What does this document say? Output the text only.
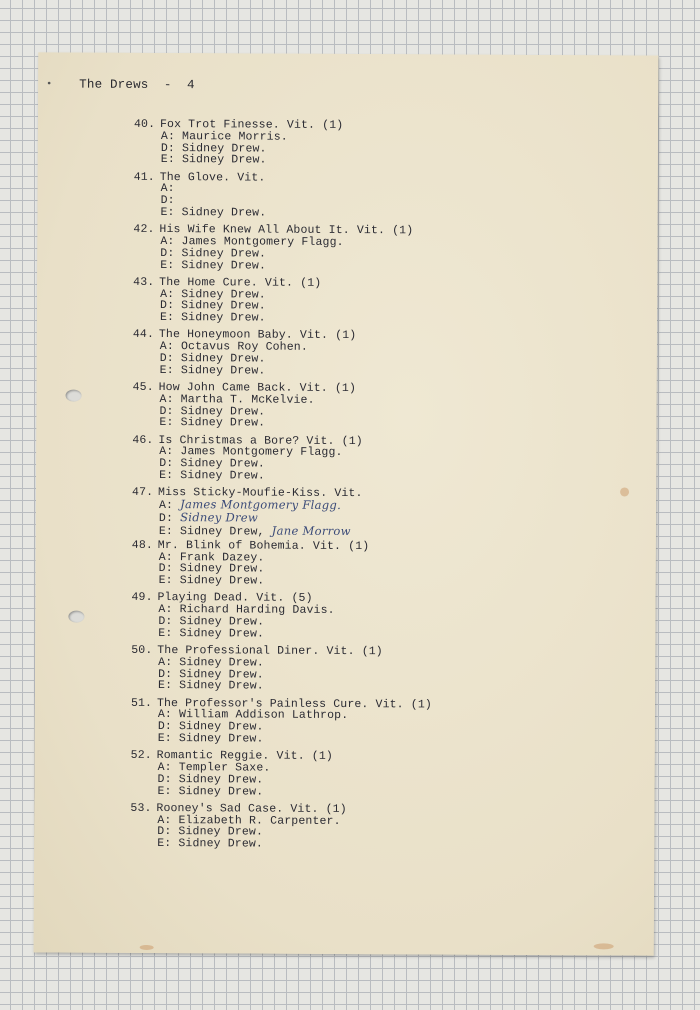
• The Drews  -  4
40. Fox Trot Finesse. Vit. (1)
A: Maurice Morris.
D: Sidney Drew.
E: Sidney Drew.
41. The Glove. Vit.
A:
D:
E: Sidney Drew.
42. His Wife Knew All About It. Vit. (1)
A: James Montgomery Flagg.
D: Sidney Drew.
E: Sidney Drew.
43. The Home Cure. Vit. (1)
A: Sidney Drew.
D: Sidney Drew.
E: Sidney Drew.
44. The Honeymoon Baby. Vit. (1)
A: Octavus Roy Cohen.
D: Sidney Drew.
E: Sidney Drew.
45. How John Came Back. Vit. (1)
A: Martha T. McKelvie.
D: Sidney Drew.
E: Sidney Drew.
46. Is Christmas a Bore? Vit. (1)
A: James Montgomery Flagg.
D: Sidney Drew.
E: Sidney Drew.
47. Miss Sticky-Moufie-Kiss. Vit.
A: James Montgomery Flagg.
D: Sidney Drew
E: Sidney Drew, Jane Morrow
48. Mr. Blink of Bohemia. Vit. (1)
A: Frank Dazey.
D: Sidney Drew.
E: Sidney Drew.
49. Playing Dead. Vit. (5)
A: Richard Harding Davis.
D: Sidney Drew.
E: Sidney Drew.
50. The Professional Diner. Vit. (1)
A: Sidney Drew.
D: Sidney Drew.
E: Sidney Drew.
51. The Professor's Painless Cure. Vit. (1)
A: William Addison Lathrop.
D: Sidney Drew.
E: Sidney Drew.
52. Romantic Reggie. Vit. (1)
A: Templer Saxe.
D: Sidney Drew.
E: Sidney Drew.
53. Rooney's Sad Case. Vit. (1)
A: Elizabeth R. Carpenter.
D: Sidney Drew.
E: Sidney Drew.
